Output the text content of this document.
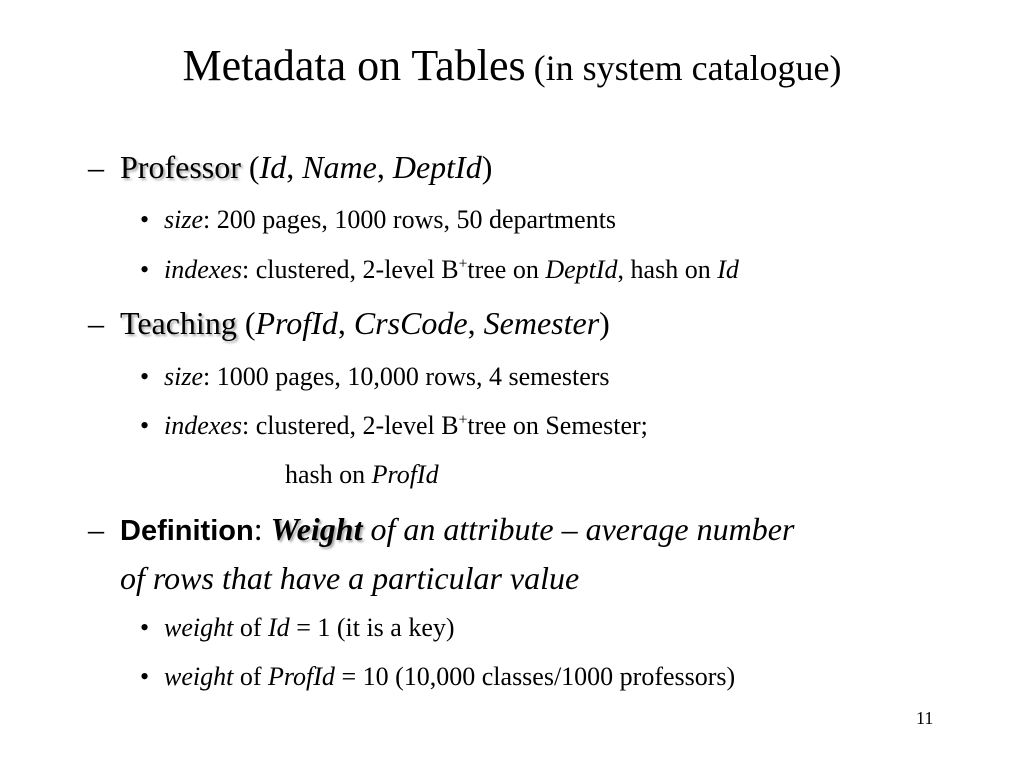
Metadata on Tables (in system catalogue)
– Professor (Id, Name, DeptId)
• size: 200 pages, 1000 rows, 50 departments
• indexes: clustered, 2-level B+tree on DeptId, hash on Id
– Teaching (ProfId, CrsCode, Semester)
• size: 1000 pages, 10,000 rows, 4 semesters
• indexes: clustered, 2-level B+tree on Semester;
hash on ProfId
– Definition: Weight of an attribute – average number
of rows that have a particular value
• weight of Id = 1 (it is a key)
• weight of ProfId = 10 (10,000 classes/1000 professors)
11
